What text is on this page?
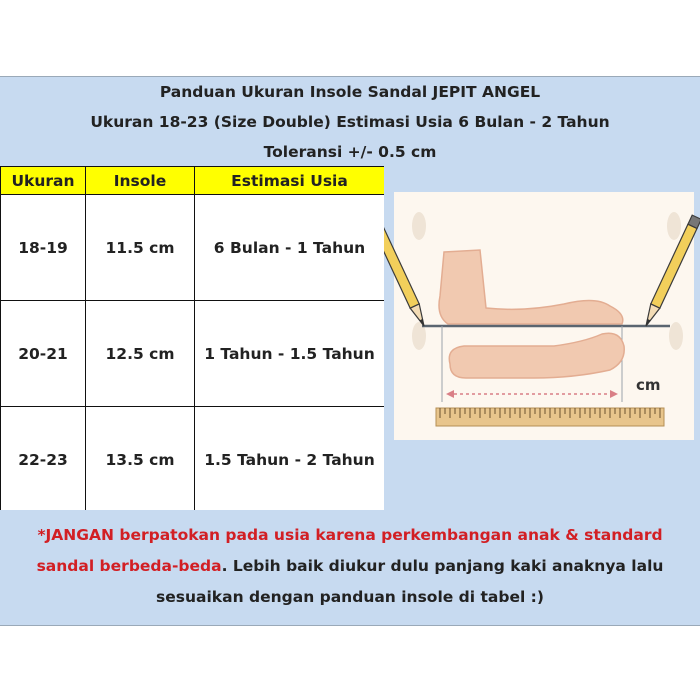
Panduan Ukuran Insole Sandal JEPIT ANGEL
Ukuran 18-23 (Size Double) Estimasi Usia 6 Bulan - 2 Tahun
Toleransi +/- 0.5 cm
Ukuran	Insole	Estimasi Usia
18-19	11.5 cm	6 Bulan - 1 Tahun
20-21	12.5 cm	1 Tahun - 1.5 Tahun
22-23	13.5 cm	1.5 Tahun - 2 Tahun
cm

*JANGAN berpatokan pada usia karena perkembangan anak & standard sandal berbeda-beda. Lebih baik diukur dulu panjang kaki anaknya lalu sesuaikan dengan panduan insole di tabel :)
